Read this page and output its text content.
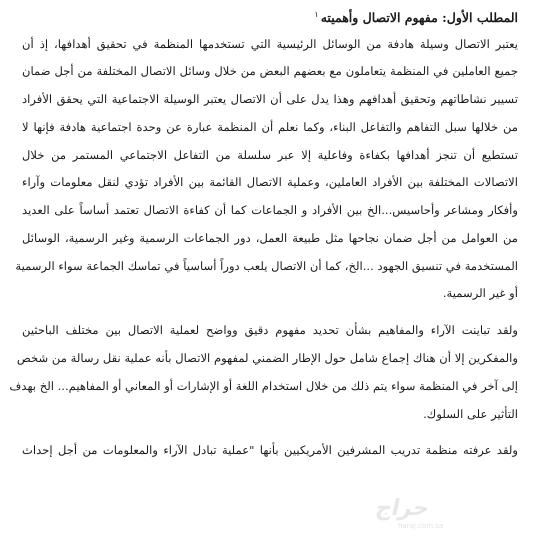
المطلب الأول: مفهوم الاتصال وأهميته$^١$
يعتبر الاتصال وسيلة هادفة من الوسائل الرئيسية التي تستخدمها المنظمة في تحقيق أهدافها، إذ أن
جميع العاملين في المنظمة يتعاملون مع بعضهم البعض من خلال وسائل الاتصال المختلفة من أجل ضمان
تسيير نشاطاتهم وتحقيق أهدافهم وهذا يدل على أن الاتصال يعتبر الوسيلة الاجتماعية التي يحقق الأفراد
من خلالها سبل التفاهم والتفاعل البناء، وكما نعلم أن المنظمة عبارة عن وحدة اجتماعية هادفة فإنها لا
تستطيع أن تنجز أهدافها بكفاءة وفاعلية إلا عبر سلسلة من التفاعل الاجتماعي المستمر من خلال
الاتصالات المختلفة بين الأفراد العاملين، وعملية الاتصال القائمة بين الأفراد تؤدي لنقل معلومات وآراء
وأفكار ومشاعر وأحاسيس...الخ بين الأفراد و الجماعات كما أن كفاءة الاتصال تعتمد أساساً على العديد
من العوامل من أجل ضمان نجاحها مثل طبيعة العمل، دور الجماعات الرسمية وغير الرسمية، الوسائل
المستخدمة في تنسيق الجهود ...الخ، كما أن الاتصال يلعب دوراً أساسياً في تماسك الجماعة سواء الرسمية
أو غير الرسمية.
ولقد تباينت الآراء والمفاهيم بشأن تحديد مفهوم دقيق وواضح لعملية الاتصال بين مختلف الباحثين
والمفكرين إلا أن هناك إجماع شامل حول الإطار الضمني لمفهوم الاتصال بأنه عملية نقل رسالة من شخص
إلى آخر في المنظمة سواء يتم ذلك من خلال استخدام اللغة أو الإشارات أو المعاني أو المفاهيم... الخ بهدف
التأثير على السلوك.
ولقد عرفته منظمة تدريب المشرفين الأمريكيين بأنها "عملية تبادل الآراء والمعلومات من أجل إحداث
حراج
haraj.com.sa
